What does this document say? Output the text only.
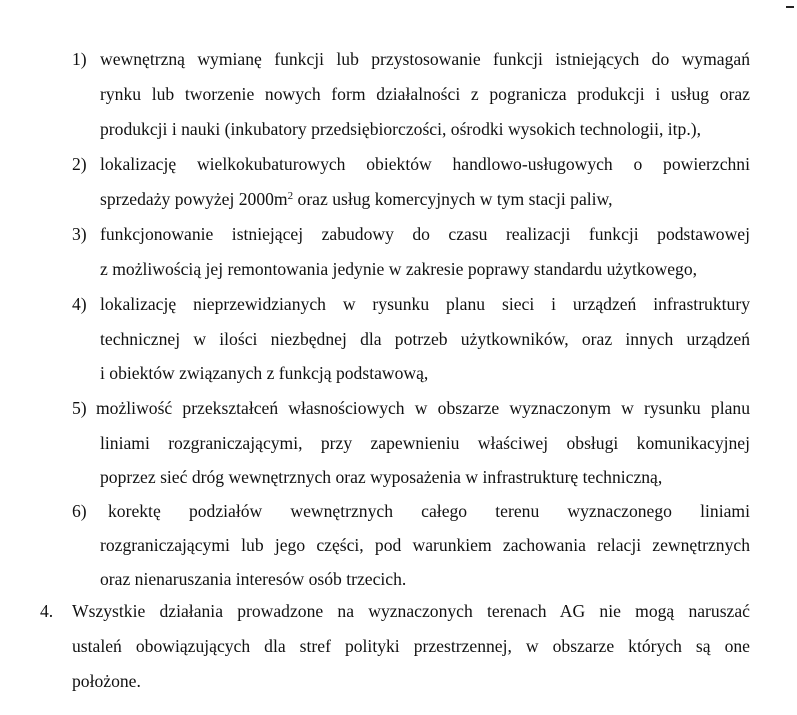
1) wewnętrzną wymianę funkcji lub przystosowanie funkcji istniejących do wymagań
rynku lub tworzenie nowych form działalności z pogranicza produkcji i usług oraz
produkcji i nauki (inkubatory przedsiębiorczości, ośrodki wysokich technologii, itp.),
2) lokalizację wielkokubaturowych obiektów handlowo-usługowych o powierzchni
sprzedaży powyżej $2000m^2$ oraz usług komercyjnych w tym stacji paliw,
3) funkcjonowanie istniejącej zabudowy do czasu realizacji funkcji podstawowej
z możliwością jej remontowania jedynie w zakresie poprawy standardu użytkowego,
4) lokalizację nieprzewidzianych w rysunku planu sieci i urządzeń infrastruktury
technicznej w ilości niezbędnej dla potrzeb użytkowników, oraz innych urządzeń
i obiektów związanych z funkcją podstawową,
5) możliwość przekształceń własnościowych w obszarze wyznaczonym w rysunku planu
liniami rozgraniczającymi, przy zapewnieniu właściwej obsługi komunikacyjnej
poprzez sieć dróg wewnętrznych oraz wyposażenia w infrastrukturę techniczną,
6) korektę podziałów wewnętrznych całego terenu wyznaczonego liniami
rozgraniczającymi lub jego części, pod warunkiem zachowania relacji zewnętrznych
oraz nienaruszania interesów osób trzecich.
4. Wszystkie działania prowadzone na wyznaczonych terenach AG nie mogą naruszać
ustaleń obowiązujących dla stref polityki przestrzennej, w obszarze których są one
położone.
